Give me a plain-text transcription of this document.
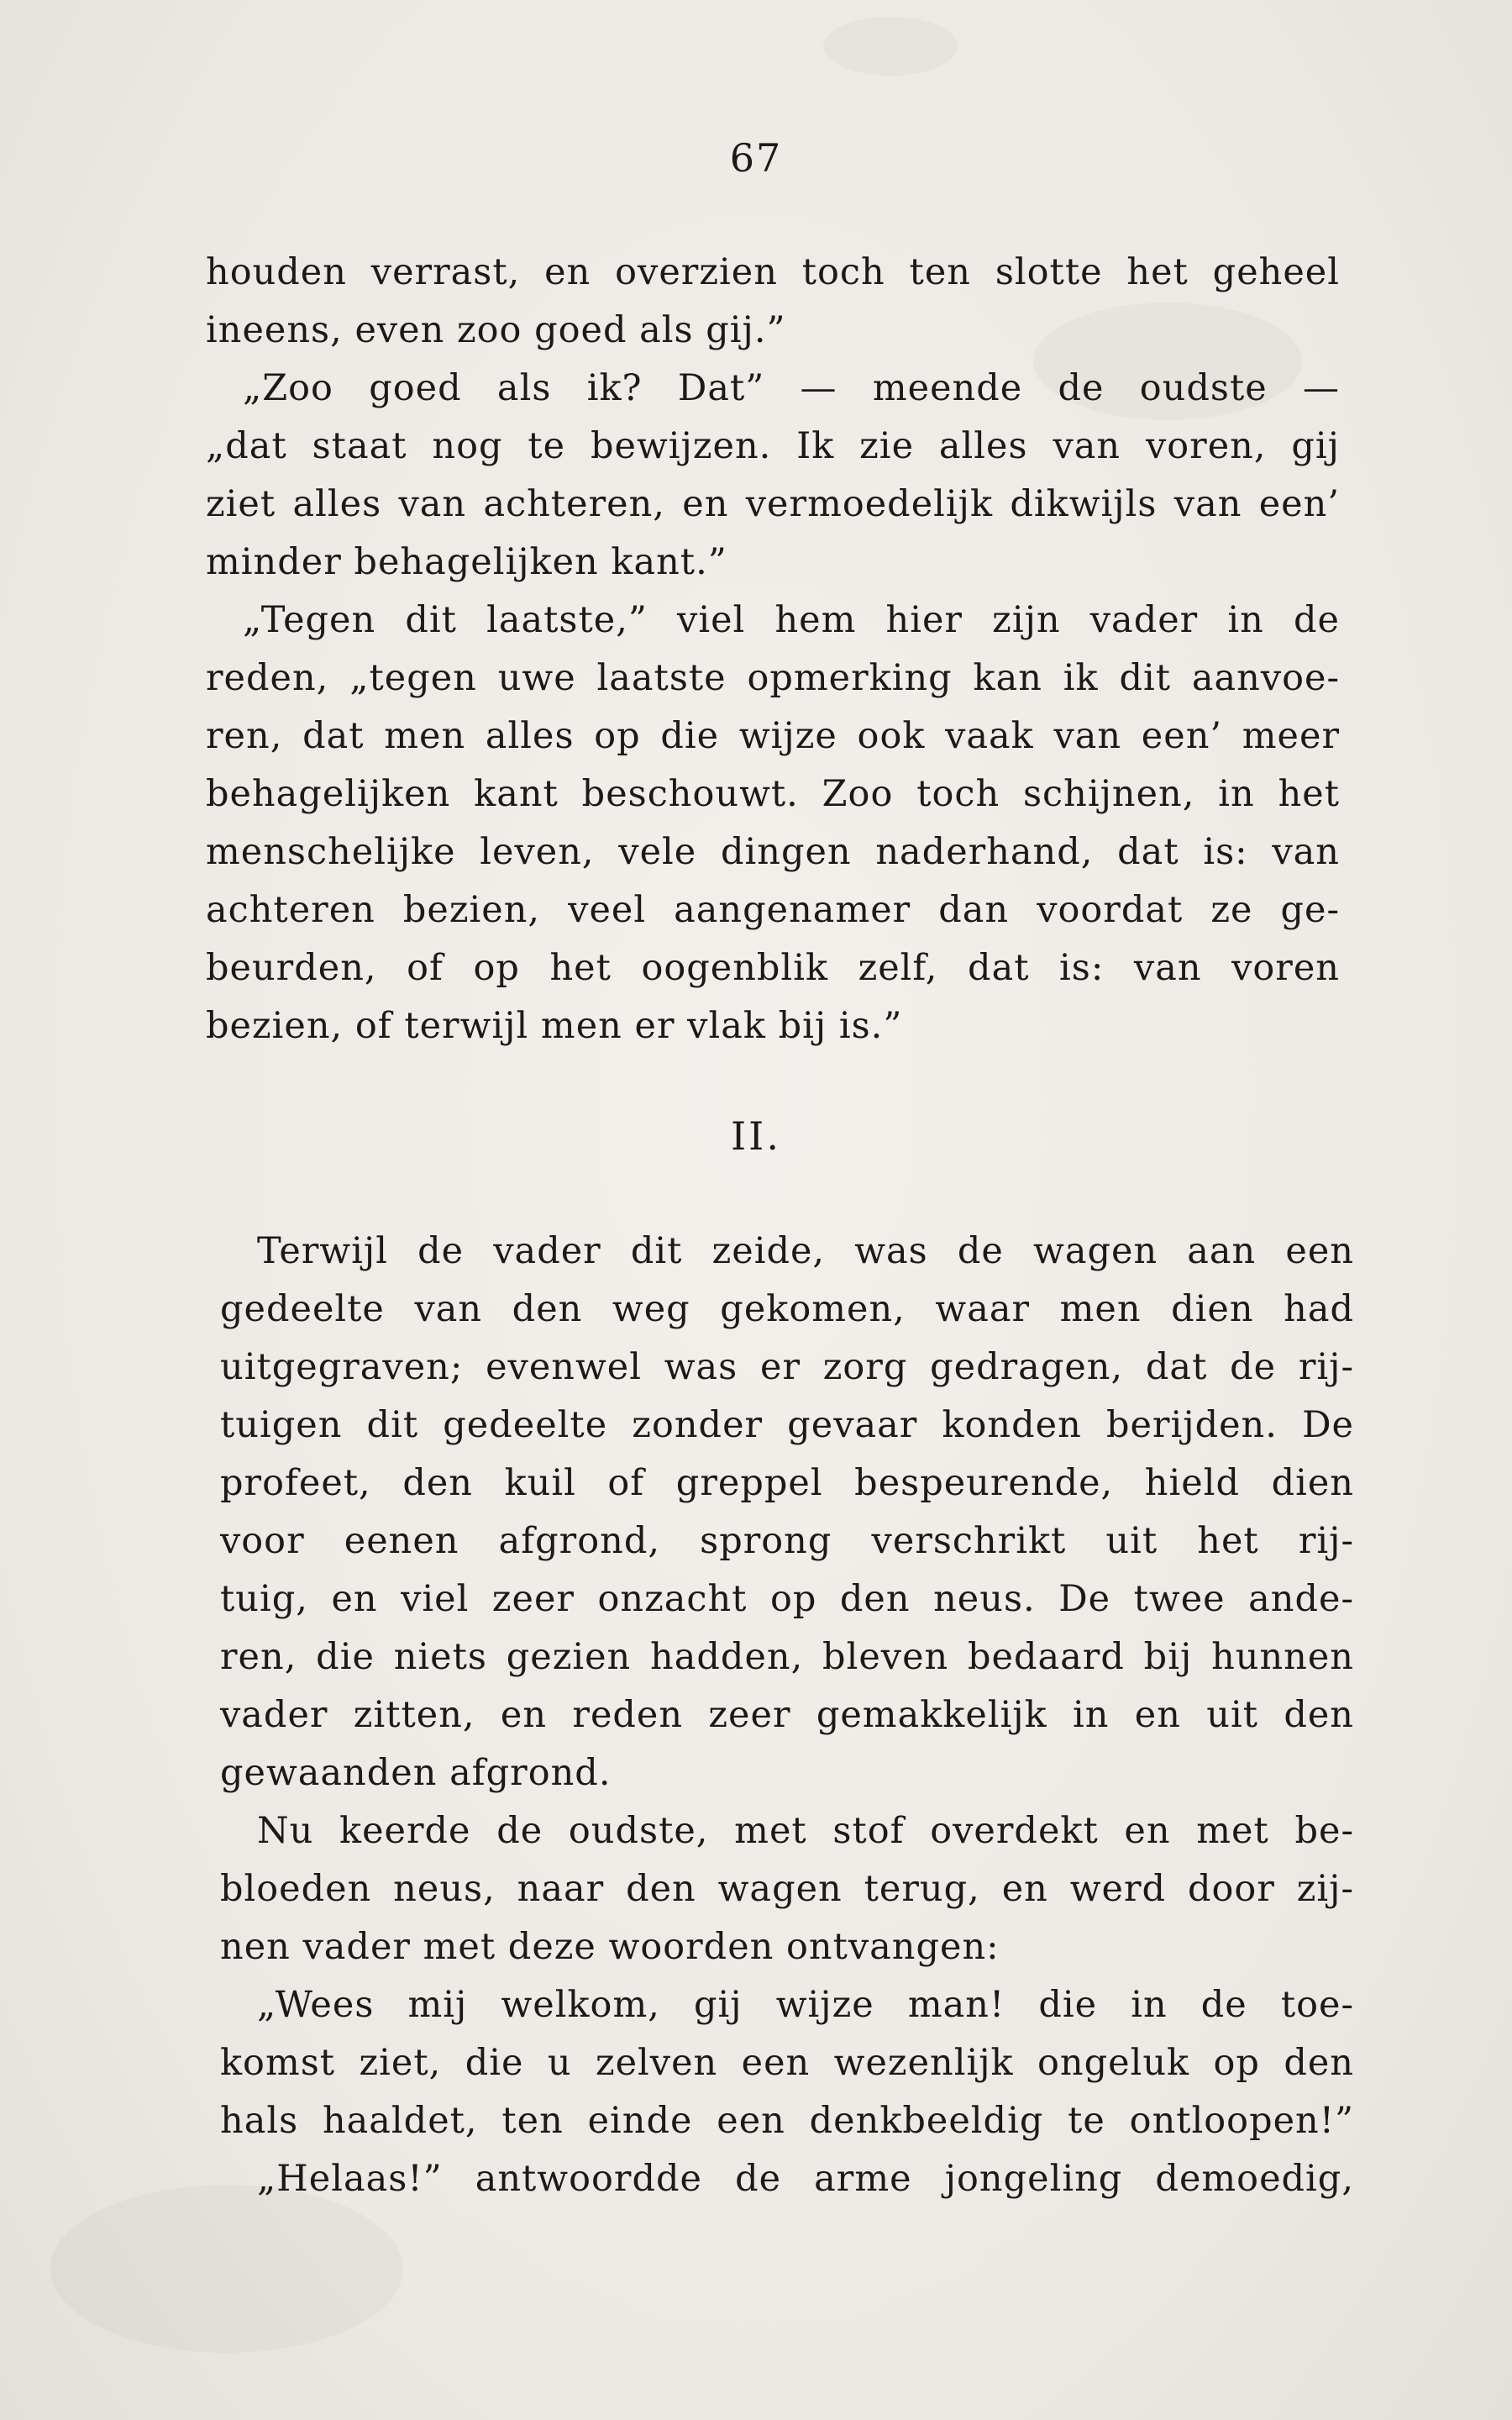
67
houden verrast, en overzien toch ten slotte het geheel
ineens, even zoo goed als gij.”
 „Zoo goed als ik? Dat” — meende de oudste —
„dat staat nog te bewijzen. Ik zie alles van voren, gij
ziet alles van achteren, en vermoedelijk dikwijls van een’
minder behagelijken kant.”
 „Tegen dit laatste,” viel hem hier zijn vader in de
reden, „tegen uwe laatste opmerking kan ik dit aanvoe-
ren, dat men alles op die wijze ook vaak van een’ meer
behagelijken kant beschouwt. Zoo toch schijnen, in het
menschelijke leven, vele dingen naderhand, dat is: van
achteren bezien, veel aangenamer dan voordat ze ge-
beurden, of op het oogenblik zelf, dat is: van voren
bezien, of terwijl men er vlak bij is.”
II.
 Terwijl de vader dit zeide, was de wagen aan een
gedeelte van den weg gekomen, waar men dien had
uitgegraven; evenwel was er zorg gedragen, dat de rij-
tuigen dit gedeelte zonder gevaar konden berijden. De
profeet, den kuil of greppel bespeurende, hield dien
voor eenen afgrond, sprong verschrikt uit het rij-
tuig, en viel zeer onzacht op den neus. De twee ande-
ren, die niets gezien hadden, bleven bedaard bij hunnen
vader zitten, en reden zeer gemakkelijk in en uit den
gewaanden afgrond.
 Nu keerde de oudste, met stof overdekt en met be-
bloeden neus, naar den wagen terug, en werd door zij-
nen vader met deze woorden ontvangen:
 „Wees mij welkom, gij wijze man! die in de toe-
komst ziet, die u zelven een wezenlijk ongeluk op den
hals haaldet, ten einde een denkbeeldig te ontloopen!”
 „Helaas!” antwoordde de arme jongeling demoedig,
